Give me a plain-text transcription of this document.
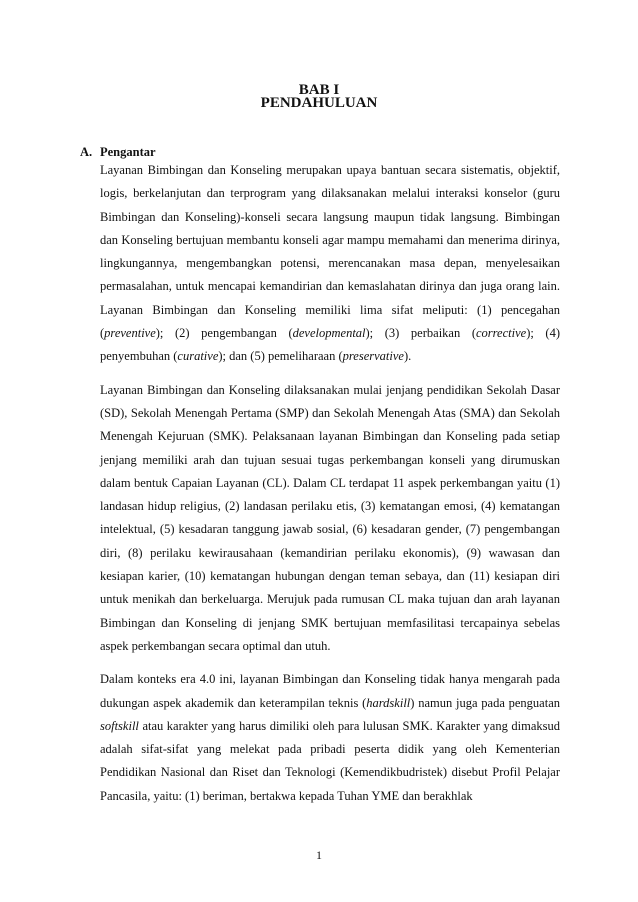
BAB I
PENDAHULUAN
A. Pengantar

Layanan Bimbingan dan Konseling merupakan upaya bantuan secara sistematis, objektif, logis, berkelanjutan dan terprogram yang dilaksanakan melalui interaksi konselor (guru Bimbingan dan Konseling)-konseli secara langsung maupun tidak langsung. Bimbingan dan Konseling bertujuan membantu konseli agar mampu memahami dan menerima dirinya, lingkungannya, mengembangkan potensi, merencanakan masa depan, menyelesaikan permasalahan, untuk mencapai kemandirian dan kemaslahatan dirinya dan juga orang lain. Layanan Bimbingan dan Konseling memiliki lima sifat meliputi: (1) pencegahan (preventive); (2) pengembangan (developmental); (3) perbaikan (corrective); (4) penyembuhan (curative); dan (5) pemeliharaan (preservative).

Layanan Bimbingan dan Konseling dilaksanakan mulai jenjang pendidikan Sekolah Dasar (SD), Sekolah Menengah Pertama (SMP) dan Sekolah Menengah Atas (SMA) dan Sekolah Menengah Kejuruan (SMK). Pelaksanaan layanan Bimbingan dan Konseling pada setiap jenjang memiliki arah dan tujuan sesuai tugas perkembangan konseli yang dirumuskan dalam bentuk Capaian Layanan (CL). Dalam CL terdapat 11 aspek perkembangan yaitu (1) landasan hidup religius, (2) landasan perilaku etis, (3) kematangan emosi, (4) kematangan intelektual, (5) kesadaran tanggung jawab sosial, (6) kesadaran gender, (7) pengembangan diri, (8) perilaku kewirausahaan (kemandirian perilaku ekonomis), (9) wawasan dan kesiapan karier, (10) kematangan hubungan dengan teman sebaya, dan (11) kesiapan diri untuk menikah dan berkeluarga. Merujuk pada rumusan CL maka tujuan dan arah layanan Bimbingan dan Konseling di jenjang SMK bertujuan memfasilitasi tercapainya sebelas aspek perkembangan secara optimal dan utuh.

Dalam konteks era 4.0 ini, layanan Bimbingan dan Konseling tidak hanya mengarah pada dukungan aspek akademik dan keterampilan teknis (hardskill) namun juga pada penguatan softskill atau karakter yang harus dimiliki oleh para lulusan SMK. Karakter yang dimaksud adalah sifat-sifat yang melekat pada pribadi peserta didik yang oleh Kementerian Pendidikan Nasional dan Riset dan Teknologi (Kemendikbudristek) disebut Profil Pelajar Pancasila, yaitu: (1) beriman, bertakwa kepada Tuhan YME dan berakhlak

1
